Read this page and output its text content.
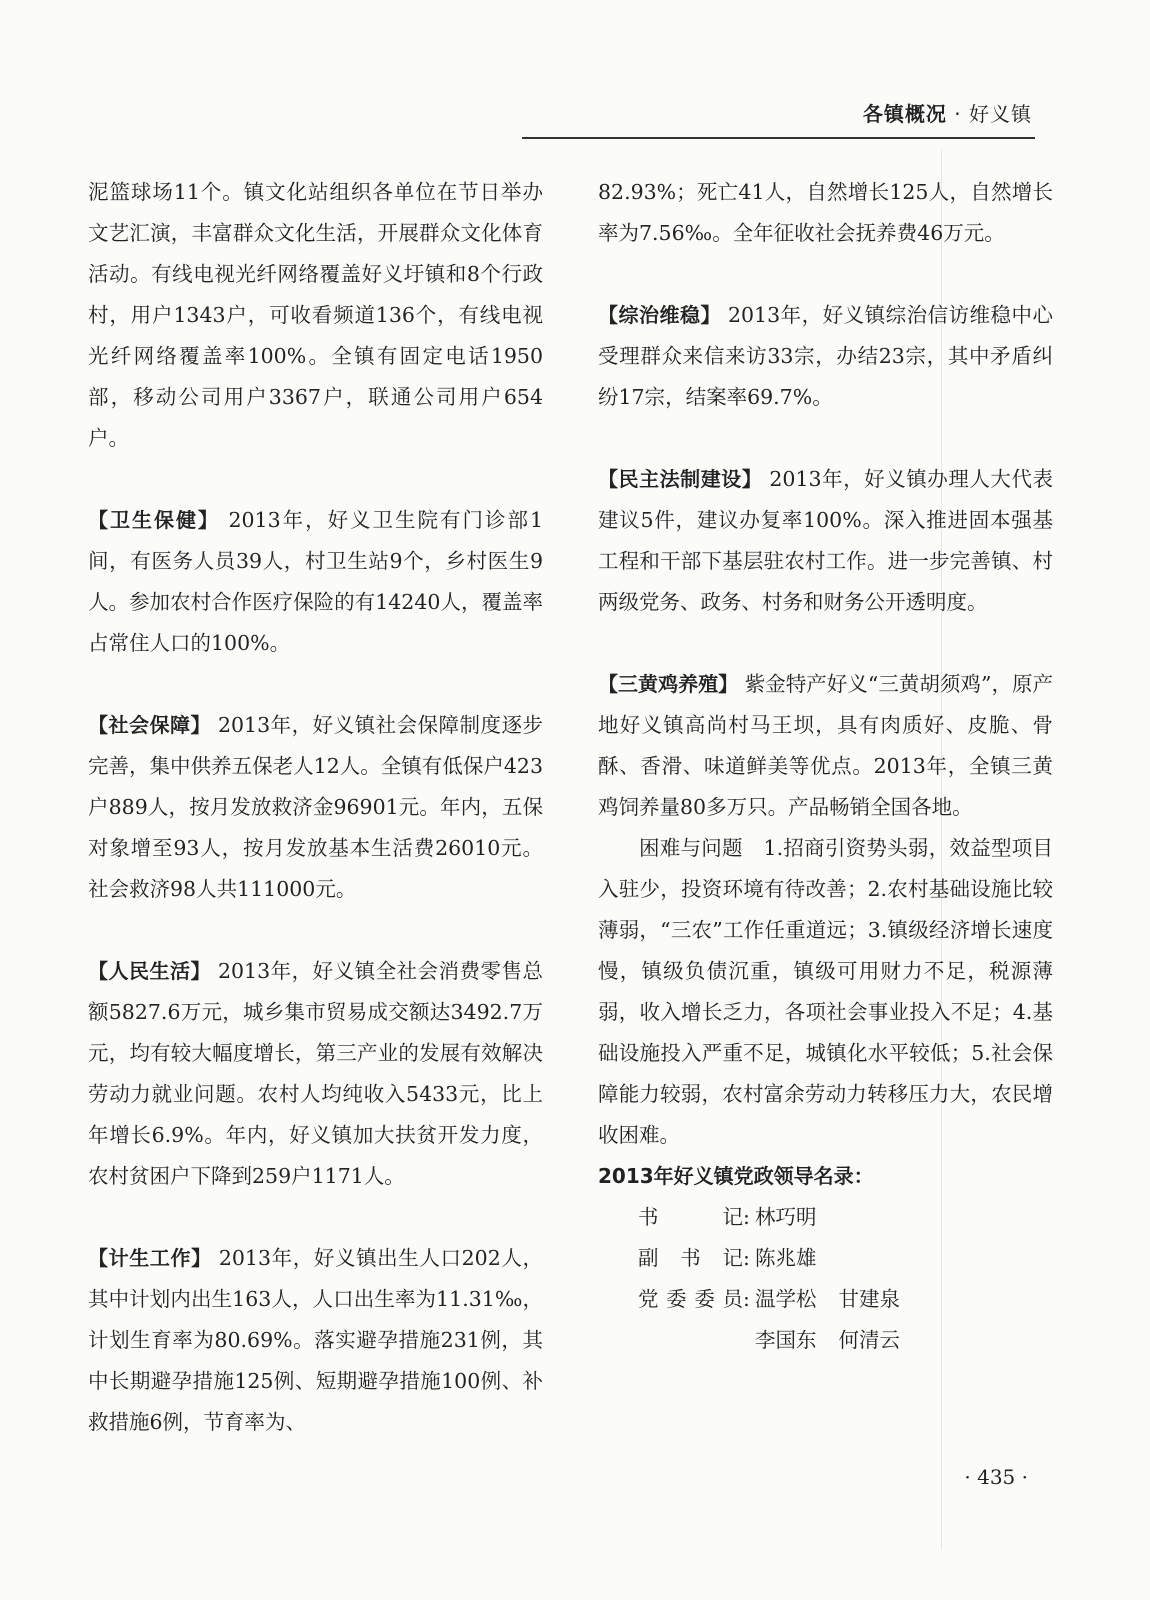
各镇概况 · 好义镇

泥篮球场11个。镇文化站组织各单位在节日举办文艺汇演，丰富群众文化生活，开展群众文化体育活动。有线电视光纤网络覆盖好义圩镇和8个行政村，用户1343户，可收看频道136个，有线电视光纤网络覆盖率100%。全镇有固定电话1950部，移动公司用户3367户，联通公司用户654户。

【卫生保健】 2013年，好义卫生院有门诊部1间，有医务人员39人，村卫生站9个，乡村医生9人。参加农村合作医疗保险的有14240人，覆盖率占常住人口的100%。

【社会保障】 2013年，好义镇社会保障制度逐步完善，集中供养五保老人12人。全镇有低保户423户889人，按月发放救济金96901元。年内，五保对象增至93人，按月发放基本生活费26010元。社会救济98人共111000元。

【人民生活】 2013年，好义镇全社会消费零售总额5827.6万元，城乡集市贸易成交额达3492.7万元，均有较大幅度增长，第三产业的发展有效解决劳动力就业问题。农村人均纯收入5433元，比上年增长6.9%。年内，好义镇加大扶贫开发力度，农村贫困户下降到259户1171人。

【计生工作】 2013年，好义镇出生人口202人，其中计划内出生163人，人口出生率为11.31‰，计划生育率为80.69%。落实避孕措施231例，其中长期避孕措施125例、短期避孕措施100例、补救措施6例，节育率为、

82.93%；死亡41人，自然增长125人，自然增长率为7.56‰。全年征收社会抚养费46万元。

【综治维稳】 2013年，好义镇综治信访维稳中心受理群众来信来访33宗，办结23宗，其中矛盾纠纷17宗，结案率69.7%。

【民主法制建设】 2013年，好义镇办理人大代表建议5件，建议办复率100%。深入推进固本强基工程和干部下基层驻农村工作。进一步完善镇、村两级党务、政务、村务和财务公开透明度。

【三黄鸡养殖】 紫金特产好义“三黄胡须鸡”，原产地好义镇高尚村马王坝，具有肉质好、皮脆、骨酥、香滑、味道鲜美等优点。2013年，全镇三黄鸡饲养量80多万只。产品畅销全国各地。

困难与问题　1.招商引资势头弱，效益型项目入驻少，投资环境有待改善；2.农村基础设施比较薄弱，“三农”工作任重道远；3.镇级经济增长速度慢，镇级负债沉重，镇级可用财力不足，税源薄弱，收入增长乏力，各项社会事业投入不足；4.基础设施投入严重不足，城镇化水平较低；5.社会保障能力较弱，农村富余劳动力转移压力大，农民增收困难。

2013年好义镇党政领导名录：

书记 : 林巧明
副书记 : 陈兆雄
党委委员 : 温学松 甘建泉
李国东 何清云
· 435 ·
